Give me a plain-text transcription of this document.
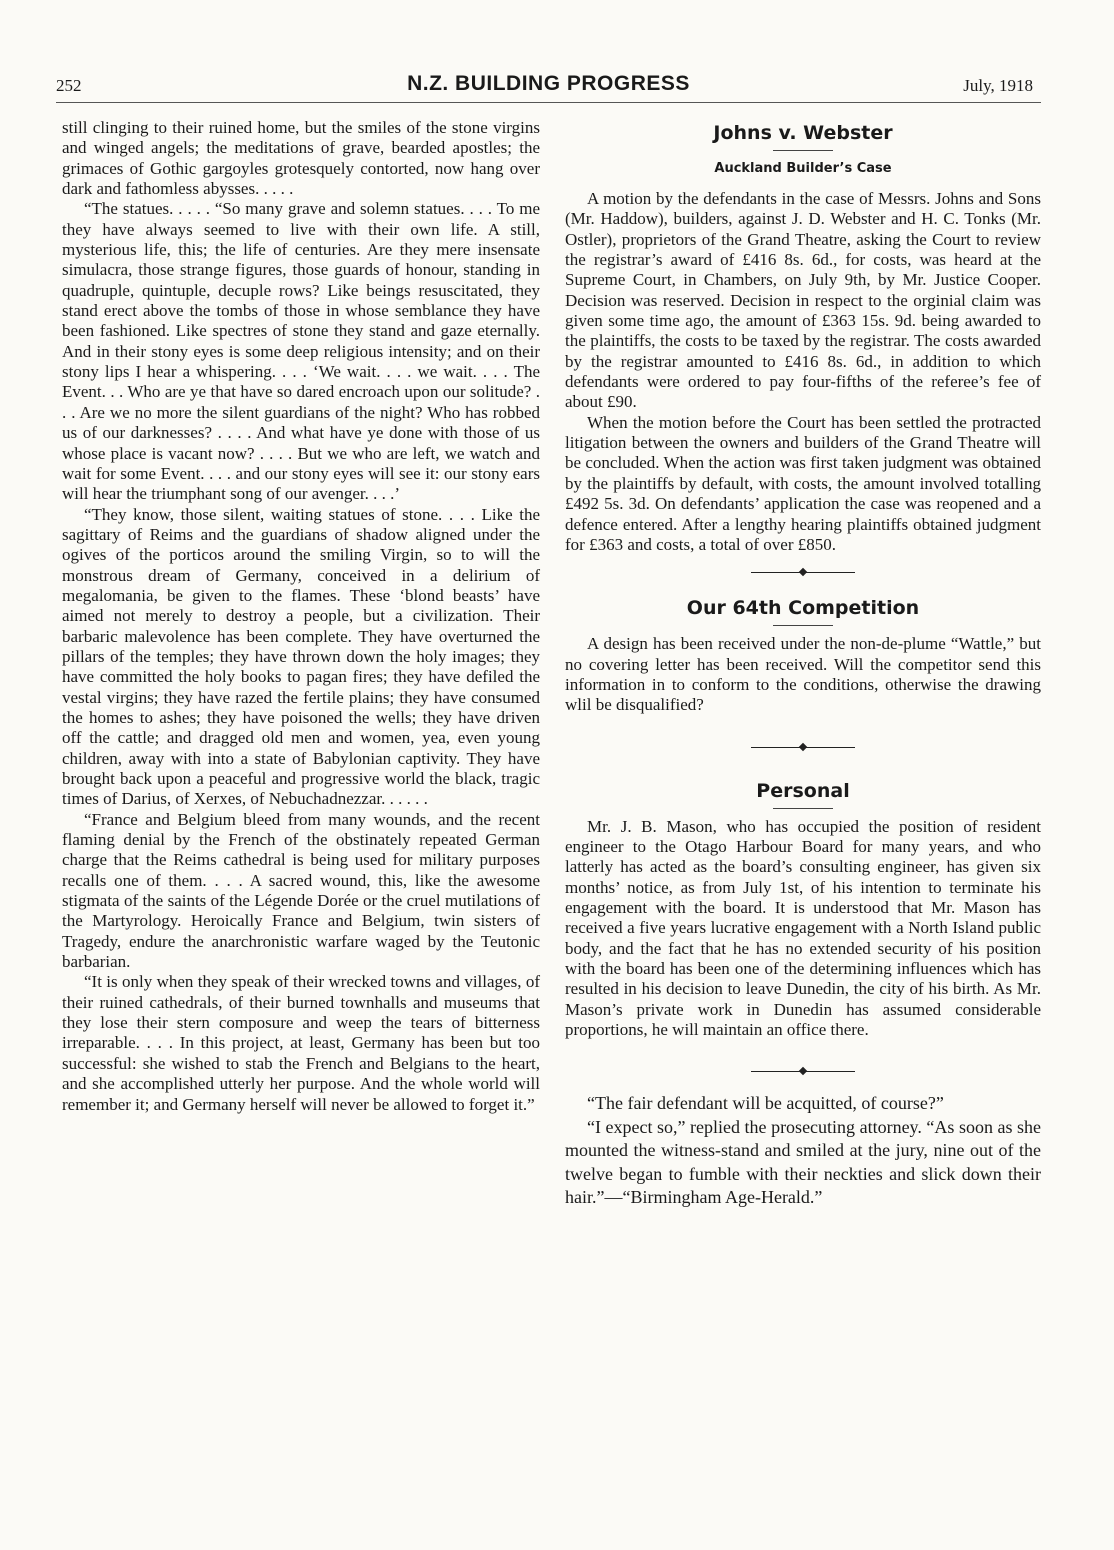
252	N.Z. BUILDING PROGRESS	July, 1918

still clinging to their ruined home, but the smiles of the stone virgins and winged angels; the meditations of grave, bearded apostles; the grimaces of Gothic gargoyles grotesquely contorted, now hang over dark and fathomless abysses. . . . .

“The statues. . . . . “So many grave and solemn statues. . . . To me they have always seemed to live with their own life. A still, mysterious life, this; the life of centuries. Are they mere insensate simulacra, those strange figures, those guards of honour, standing in quadruple, quintuple, decuple rows? Like beings resuscitated, they stand erect above the tombs of those in whose semblance they have been fashioned. Like spectres of stone they stand and gaze eternally. And in their stony eyes is some deep religious intensity; and on their stony lips I hear a whispering. . . . ‘We wait. . . . we wait. . . . The Event. . . Who are ye that have so dared encroach upon our solitude? . . . Are we no more the silent guardians of the night? Who has robbed us of our darknesses? . . . . And what have ye done with those of us whose place is vacant now? . . . . But we who are left, we watch and wait for some Event. . . . and our stony eyes will see it: our stony ears will hear the triumphant song of our avenger. . . .’

“They know, those silent, waiting statues of stone. . . . Like the sagittary of Reims and the guardians of shadow aligned under the ogives of the porticos around the smiling Virgin, so to will the monstrous dream of Germany, conceived in a delirium of megalomania, be given to the flames. These ‘blond beasts’ have aimed not merely to destroy a people, but a civilization. Their barbaric malevolence has been complete. They have overturned the pillars of the temples; they have thrown down the holy images; they have committed the holy books to pagan fires; they have defiled the vestal virgins; they have razed the fertile plains; they have consumed the homes to ashes; they have poisoned the wells; they have driven off the cattle; and dragged old men and women, yea, even young children, away with into a state of Babylonian captivity. They have brought back upon a peaceful and progressive world the black, tragic times of Darius, of Xerxes, of Nebuchadnezzar. . . . . .

“France and Belgium bleed from many wounds, and the recent flaming denial by the French of the obstinately repeated German charge that the Reims cathedral is being used for military purposes recalls one of them. . . . A sacred wound, this, like the awesome stigmata of the saints of the Légende Dorée or the cruel mutilations of the Martyrology. Heroically France and Belgium, twin sisters of Tragedy, endure the anarchronistic warfare waged by the Teutonic barbarian.

“It is only when they speak of their wrecked towns and villages, of their ruined cathedrals, of their burned townhalls and museums that they lose their stern composure and weep the tears of bitterness irreparable. . . . In this project, at least, Germany has been but too successful: she wished to stab the French and Belgians to the heart, and she accomplished utterly her purpose. And the whole world will remember it; and Germany herself will never be allowed to forget it.”

Johns v. Webster
Auckland Builder’s Case

A motion by the defendants in the case of Messrs. Johns and Sons (Mr. Haddow), builders, against J. D. Webster and H. C. Tonks (Mr. Ostler), proprietors of the Grand Theatre, asking the Court to review the registrar’s award of £416 8s. 6d., for costs, was heard at the Supreme Court, in Chambers, on July 9th, by Mr. Justice Cooper. Decision was reserved. Decision in respect to the orginial claim was given some time ago, the amount of £363 15s. 9d. being awarded to the plaintiffs, the costs to be taxed by the registrar. The costs awarded by the registrar amounted to £416 8s. 6d., in addition to which defendants were ordered to pay four-fifths of the referee’s fee of about £90.

When the motion before the Court has been settled the protracted litigation between the owners and builders of the Grand Theatre will be concluded. When the action was first taken judgment was obtained by the plaintiffs by default, with costs, the amount involved totalling £492 5s. 3d. On defendants’ application the case was reopened and a defence entered. After a lengthy hearing plaintiffs obtained judgment for £363 and costs, a total of over £850.

Our 64th Competition

A design has been received under the non-de-plume “Wattle,” but no covering letter has been received. Will the competitor send this information in to conform to the conditions, otherwise the drawing wlil be disqualified?

Personal

Mr. J. B. Mason, who has occupied the position of resident engineer to the Otago Harbour Board for many years, and who latterly has acted as the board’s consulting engineer, has given six months’ notice, as from July 1st, of his intention to terminate his engagement with the board. It is understood that Mr. Mason has received a five years lucrative engagement with a North Island public body, and the fact that he has no extended security of his position with the board has been one of the determining influences which has resulted in his decision to leave Dunedin, the city of his birth. As Mr. Mason’s private work in Dunedin has assumed considerable proportions, he will maintain an office there.

“The fair defendant will be acquitted, of course?”

“I expect so,” replied the prosecuting attorney. “As soon as she mounted the witness-stand and smiled at the jury, nine out of the twelve began to fumble with their neckties and slick down their hair.”—“Birmingham Age-Herald.”
